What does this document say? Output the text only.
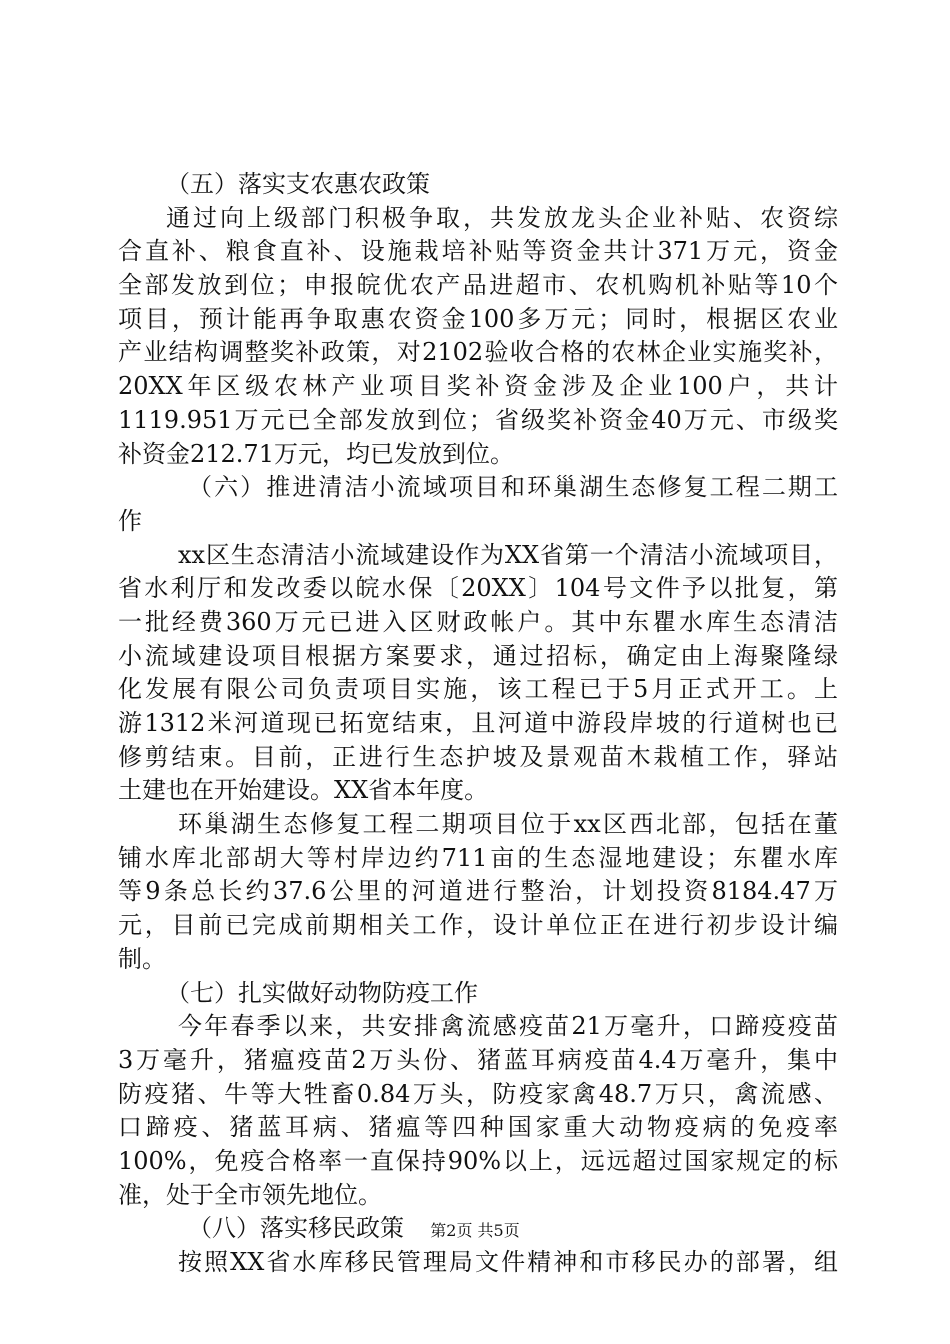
（五）落实支农惠农政策
通过向上级部门积极争取，共发放龙头企业补贴、农资综
合直补、粮食直补、设施栽培补贴等资金共计371万元，资金
全部发放到位；申报皖优农产品进超市、农机购机补贴等10个
项目，预计能再争取惠农资金100多万元；同时，根据区农业
产业结构调整奖补政策，对2102验收合格的农林企业实施奖补，
20XX年区级农林产业项目奖补资金涉及企业100户，共计
1119.951万元已全部发放到位；省级奖补资金40万元、市级奖
补资金212.71万元，均已发放到位。
（六）推进清洁小流域项目和环巢湖生态修复工程二期工
作
xx区生态清洁小流域建设作为XX省第一个清洁小流域项目，
省水利厅和发改委以皖水保〔20XX〕104号文件予以批复，第
一批经费360万元已进入区财政帐户。其中东瞿水库生态清洁
小流域建设项目根据方案要求，通过招标，确定由上海聚隆绿
化发展有限公司负责项目实施，该工程已于5月正式开工。上
游1312米河道现已拓宽结束，且河道中游段岸坡的行道树也已
修剪结束。目前，正进行生态护坡及景观苗木栽植工作，驿站
土建也在开始建设。XX省本年度。
环巢湖生态修复工程二期项目位于xx区西北部，包括在董
铺水库北部胡大等村岸边约711亩的生态湿地建设；东瞿水库
等9条总长约37.6公里的河道进行整治，计划投资8184.47万
元，目前已完成前期相关工作，设计单位正在进行初步设计编
制。
（七）扎实做好动物防疫工作
今年春季以来，共安排禽流感疫苗21万毫升，口蹄疫疫苗
3万毫升，猪瘟疫苗2万头份、猪蓝耳病疫苗4.4万毫升，集中
防疫猪、牛等大牲畜0.84万头，防疫家禽48.7万只，禽流感、
口蹄疫、猪蓝耳病、猪瘟等四种国家重大动物疫病的免疫率
100%，免疫合格率一直保持90%以上，远远超过国家规定的标
准，处于全市领先地位。
（八）落实移民政策
按照XX省水库移民管理局文件精神和市移民办的部署，组
第2页 共5页
